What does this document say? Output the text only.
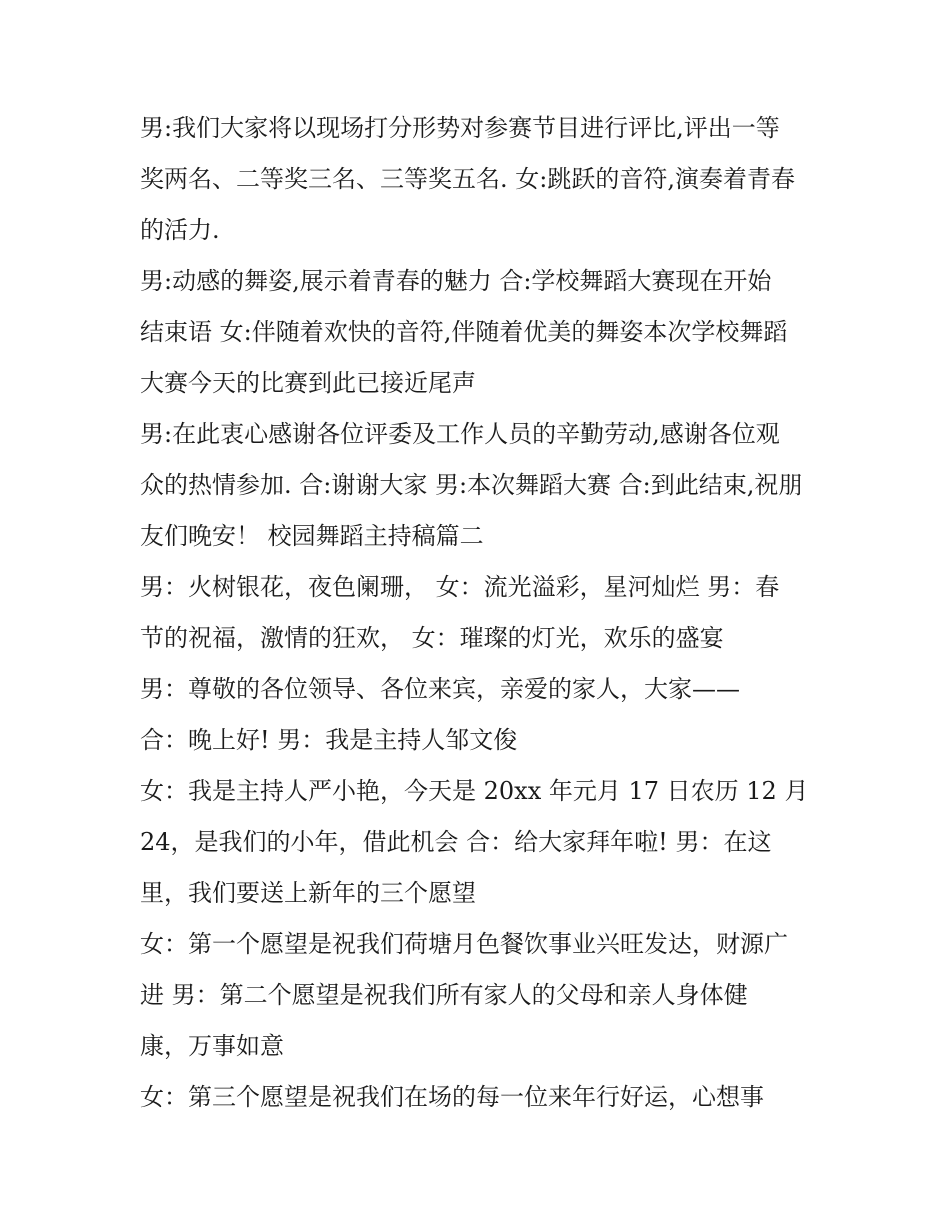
男:我们大家将以现场打分形势对参赛节目进行评比,评出一等
奖两名、二等奖三名、三等奖五名. 女:跳跃的音符,演奏着青春
的活力.
男:动感的舞姿,展示着青春的魅力 合:学校舞蹈大赛现在开始
结束语 女:伴随着欢快的音符,伴随着优美的舞姿本次学校舞蹈
大赛今天的比赛到此已接近尾声
男:在此衷心感谢各位评委及工作人员的辛勤劳动,感谢各位观
众的热情参加. 合:谢谢大家 男:本次舞蹈大赛 合:到此结束,祝朋
友们晚安！ 校园舞蹈主持稿篇二
男：火树银花，夜色阑珊， 女：流光溢彩，星河灿烂 男：春
节的祝福，激情的狂欢， 女：璀璨的灯光，欢乐的盛宴
男：尊敬的各位领导、各位来宾，亲爱的家人，大家——
合：晚上好! 男：我是主持人邹文俊
女：我是主持人严小艳，今天是 20xx 年元月 17 日农历 12 月
24，是我们的小年，借此机会 合：给大家拜年啦! 男：在这
里，我们要送上新年的三个愿望
女：第一个愿望是祝我们荷塘月色餐饮事业兴旺发达，财源广
进 男：第二个愿望是祝我们所有家人的父母和亲人身体健
康，万事如意
女：第三个愿望是祝我们在场的每一位来年行好运，心想事
